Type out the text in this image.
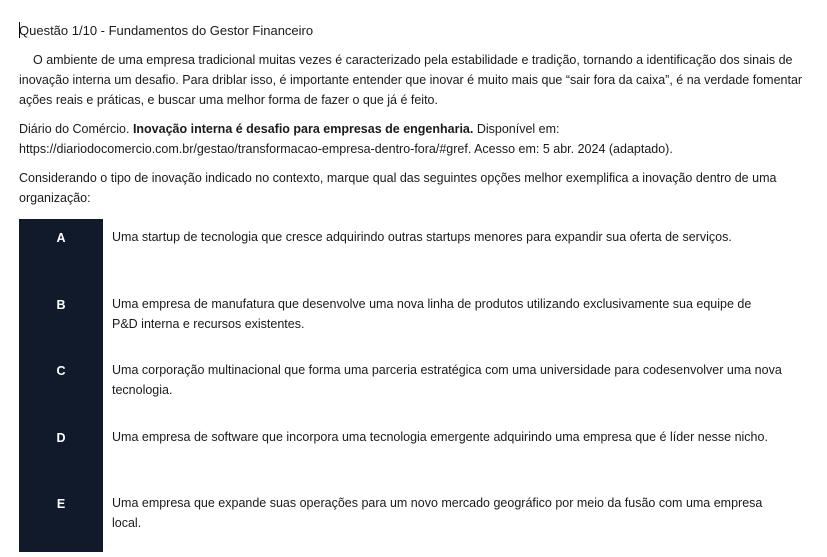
Questão 1/10 - Fundamentos do Gestor Financeiro

O ambiente de uma empresa tradicional muitas vezes é caracterizado pela estabilidade e tradição, tornando a identificação dos sinais de inovação interna um desafio. Para driblar isso, é importante entender que inovar é muito mais que “sair fora da caixa”, é na verdade fomentar ações reais e práticas, e buscar uma melhor forma de fazer o que já é feito.

Diário do Comércio. Inovação interna é desafio para empresas de engenharia. Disponível em: https://diariodocomercio.com.br/gestao/transformacao-empresa-dentro-fora/#gref. Acesso em: 5 abr. 2024 (adaptado).

Considerando o tipo de inovação indicado no contexto, marque qual das seguintes opções melhor exemplifica a inovação dentro de uma organização:

A	Uma startup de tecnologia que cresce adquirindo outras startups menores para expandir sua oferta de serviços.
B	Uma empresa de manufatura que desenvolve uma nova linha de produtos utilizando exclusivamente sua equipe de P&D interna e recursos existentes.
C	Uma corporação multinacional que forma uma parceria estratégica com uma universidade para codesenvolver uma nova tecnologia.
D	Uma empresa de software que incorpora uma tecnologia emergente adquirindo uma empresa que é líder nesse nicho.
E	Uma empresa que expande suas operações para um novo mercado geográfico por meio da fusão com uma empresa local.
